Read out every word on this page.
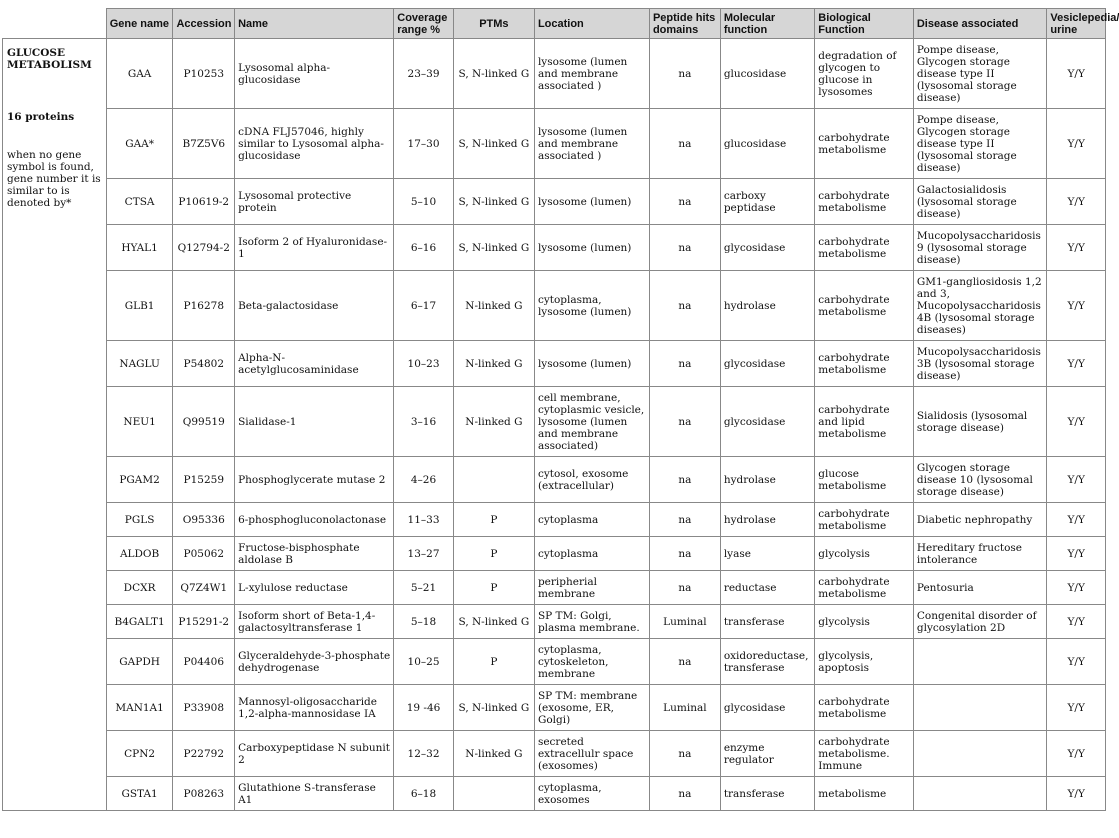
	Gene name	Accession	Name	Coverage range %	PTMs	Location	Peptide hits domains	Molecular function	Biological Function	Disease associated	Vesiclepedia/ urine

GLUCOSE METABOLISM
16 proteins
when no gene symbol is found, gene number it is similar to is denoted by*	GAA	P10253	Lysosomal alpha-glucosidase	23–39	S, N-linked G	lysosome (lumen and membrane associated )	na	glucosidase	degradation of glycogen to glucose in lysosomes	Pompe disease, Glycogen storage disease type II (lysosomal storage disease)	Y/Y
	GAA*	B7Z5V6	cDNA FLJ57046, highly similar to Lysosomal alpha-glucosidase	17–30	S, N-linked G	lysosome (lumen and membrane associated )	na	glucosidase	carbohydrate metabolisme	Pompe disease, Glycogen storage disease type II (lysosomal storage disease)	Y/Y
	CTSA	P10619-2	Lysosomal protective protein	5–10	S, N-linked G	lysosome (lumen)	na	carboxy peptidase	carbohydrate metabolisme	Galactosialidosis (lysosomal storage disease)	Y/Y
	HYAL1	Q12794-2	Isoform 2 of Hyaluronidase-1	6–16	S, N-linked G	lysosome (lumen)	na	glycosidase	carbohydrate metabolisme	Mucopolysaccharidosis 9 (lysosomal storage disease)	Y/Y
	GLB1	P16278	Beta-galactosidase	6–17	N-linked G	cytoplasma, lysosome (lumen)	na	hydrolase	carbohydrate metabolisme	GM1-gangliosidosis 1,2 and 3, Mucopolysaccharidosis 4B (lysosomal storage diseases)	Y/Y
	NAGLU	P54802	Alpha-N-acetylglucosaminidase	10–23	N-linked G	lysosome (lumen)	na	glycosidase	carbohydrate metabolisme	Mucopolysaccharidosis 3B (lysosomal storage disease)	Y/Y
	NEU1	Q99519	Sialidase-1	3–16	N-linked G	cell membrane, cytoplasmic vesicle, lysosome (lumen and membrane associated)	na	glycosidase	carbohydrate and lipid metabolisme	Sialidosis (lysosomal storage disease)	Y/Y
	PGAM2	P15259	Phosphoglycerate mutase 2	4–26		cytosol, exosome (extracellular)	na	hydrolase	glucose metabolisme	Glycogen storage disease 10 (lysosomal storage disease)	Y/Y
	PGLS	O95336	6-phosphogluconolactonase	11–33	P	cytoplasma	na	hydrolase	carbohydrate metabolisme	Diabetic nephropathy	Y/Y
	ALDOB	P05062	Fructose-bisphosphate aldolase B	13–27	P	cytoplasma	na	lyase	glycolysis	Hereditary fructose intolerance	Y/Y
	DCXR	Q7Z4W1	L-xylulose reductase	5–21	P	peripherial membrane	na	reductase	carbohydrate metabolisme	Pentosuria	Y/Y
	B4GALT1	P15291-2	Isoform short of Beta-1,4-galactosyltransferase 1	5–18	S, N-linked G	SP TM: Golgi, plasma membrane.	Luminal	transferase	glycolysis	Congenital disorder of glycosylation 2D	Y/Y
	GAPDH	P04406	Glyceraldehyde-3-phosphate dehydrogenase	10–25	P	cytoplasma, cytoskeleton, membrane	na	oxidoreductase, transferase	glycolysis, apoptosis		Y/Y
	MAN1A1	P33908	Mannosyl-oligosaccharide 1,2-alpha-mannosidase IA	19 -46	S, N-linked G	SP TM: membrane (exosome, ER, Golgi)	Luminal	glycosidase	carbohydrate metabolisme		Y/Y
	CPN2	P22792	Carboxypeptidase N subunit 2	12–32	N-linked G	secreted extracellulr space (exosomes)	na	enzyme regulator	carbohydrate metabolisme. Immune		Y/Y
	GSTA1	P08263	Glutathione S-transferase A1	6–18		cytoplasma, exosomes	na	transferase	metabolisme		Y/Y
